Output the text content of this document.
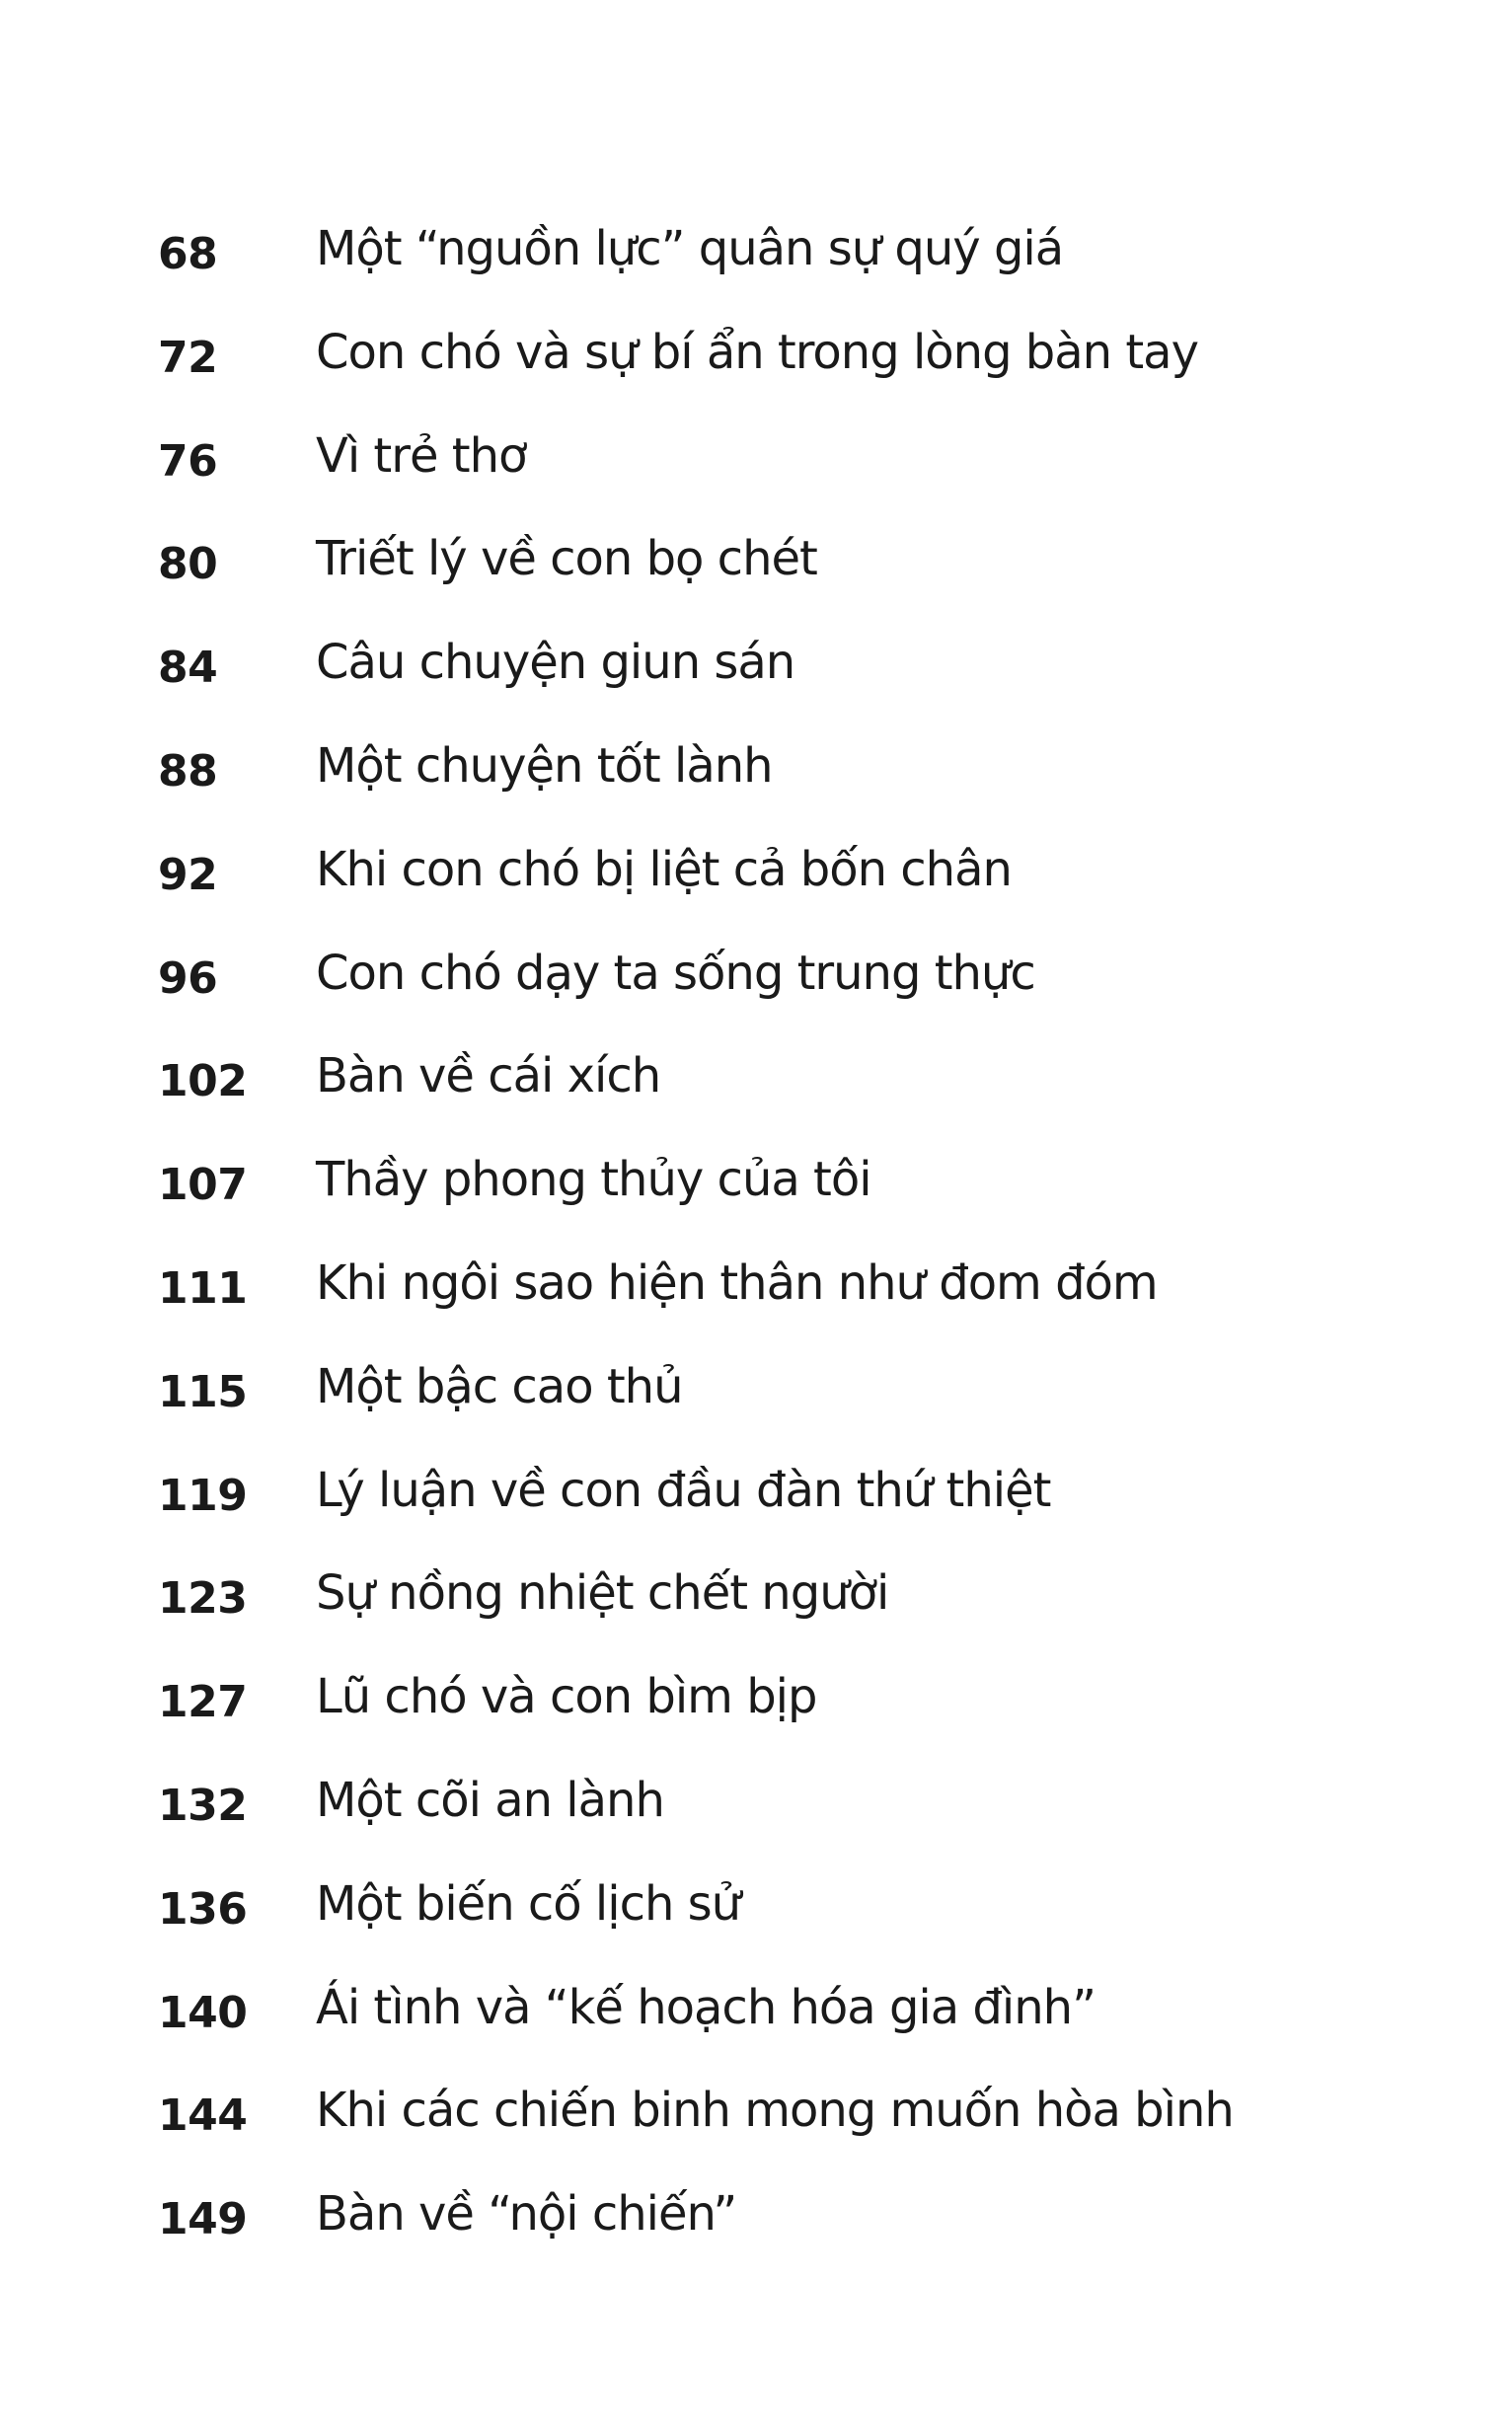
68 Một “nguồn lực” quân sự quý giá
72 Con chó và sự bí ẩn trong lòng bàn tay
76 Vì trẻ thơ
80 Triết lý về con bọ chét
84 Câu chuyện giun sán
88 Một chuyện tốt lành
92 Khi con chó bị liệt cả bốn chân
96 Con chó dạy ta sống trung thực
102 Bàn về cái xích
107 Thầy phong thủy của tôi
111 Khi ngôi sao hiện thân như đom đóm
115 Một bậc cao thủ
119 Lý luận về con đầu đàn thứ thiệt
123 Sự nồng nhiệt chết người
127 Lũ chó và con bìm bịp
132 Một cõi an lành
136 Một biến cố lịch sử
140 Ái tình và “kế hoạch hóa gia đình”
144 Khi các chiến binh mong muốn hòa bình
149 Bàn về “nội chiến”
